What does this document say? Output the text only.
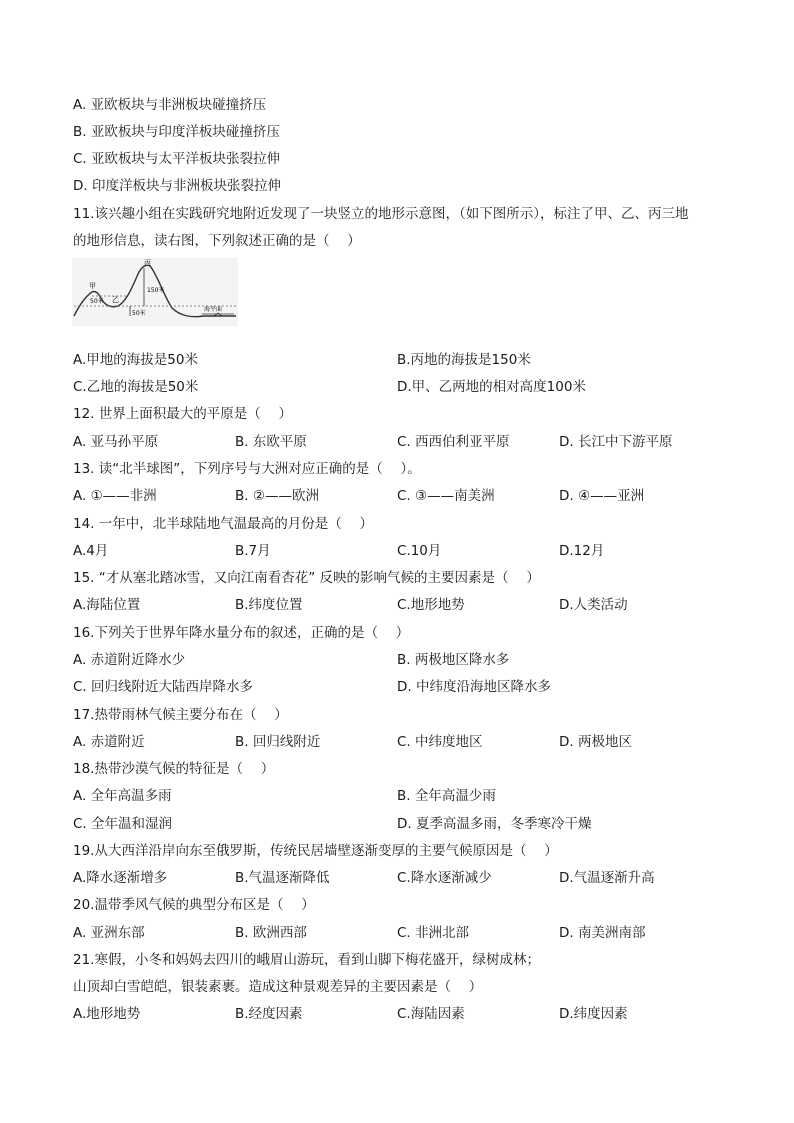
A. 亚欧板块与非洲板块碰撞挤压
B. 亚欧板块与印度洋板块碰撞挤压
C. 亚欧板块与太平洋板块张裂拉伸
D. 印度洋板块与非洲板块张裂拉伸
11.该兴趣小组在实践研究地附近发现了一块竖立的地形示意图，（如下图所示），标注了甲、乙、丙三地
的地形信息，读右图，下列叙述正确的是（　 ）
甲
乙
丙
50米
150米
50米
海平面
A.甲地的海拔是50米	B.丙地的海拔是150米
C.乙地的海拔是50米	D.甲、乙两地的相对高度100米
12. 世界上面积最大的平原是（　 ）
A. 亚马孙平原	B. 东欧平原	C. 西西伯利亚平原	D. 长江中下游平原
13. 读“北半球图”，下列序号与大洲对应正确的是（　 ）。
A. ①——非洲	B. ②——欧洲	C. ③——南美洲	D. ④——亚洲
14. 一年中，北半球陆地气温最高的月份是（　 ）
A.4月	B.7月	C.10月	D.12月
15. “才从塞北踏冰雪，又向江南看杏花” 反映的影响气候的主要因素是（　 ）
A.海陆位置	B.纬度位置	C.地形地势	D.人类活动
16.下列关于世界年降水量分布的叙述，正确的是（　 ）
A. 赤道附近降水少	B. 两极地区降水多
C. 回归线附近大陆西岸降水多	D. 中纬度沿海地区降水多
17.热带雨林气候主要分布在（　 ）
A. 赤道附近	B. 回归线附近	C. 中纬度地区	D. 两极地区
18.热带沙漠气候的特征是（　 ）
A. 全年高温多雨	B. 全年高温少雨
C. 全年温和湿润	D. 夏季高温多雨，冬季寒冷干燥
19.从大西洋沿岸向东至俄罗斯，传统民居墙壁逐渐变厚的主要气候原因是（　 ）
A.降水逐渐增多	B.气温逐渐降低	C.降水逐渐减少	D.气温逐渐升高
20.温带季风气候的典型分布区是（　 ）
A. 亚洲东部	B. 欧洲西部	C. 非洲北部	D. 南美洲南部
21.寒假，小冬和妈妈去四川的峨眉山游玩，看到山脚下梅花盛开，绿树成林；
山顶却白雪皑皑，银装素裹。造成这种景观差异的主要因素是（　 ）
A.地形地势	B.经度因素	C.海陆因素	D.纬度因素
